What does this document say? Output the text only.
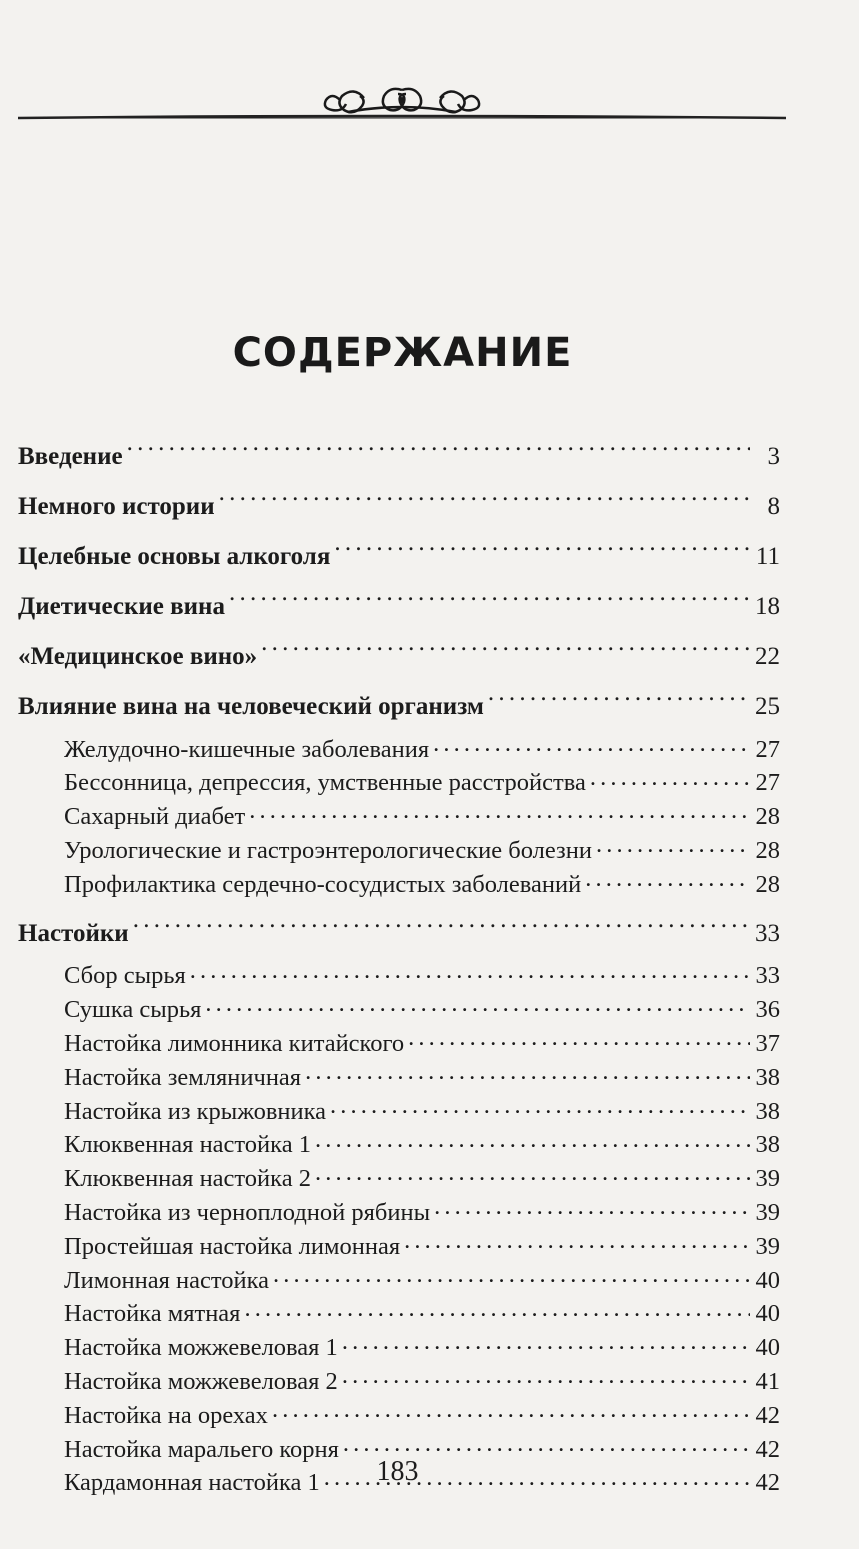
СОДЕРЖАНИЕ
Введение . . .	3
Немного истории . . .	8
Целебные основы алкоголя . . .	11
Диетические вина . . .	18
«Медицинское вино» . . .	22
Влияние вина на человеческий организм . . .	25
Желудочно-кишечные заболевания . . .	27
Бессонница, депрессия, умственные расстройства . . .	27
Сахарный диабет . . .	28
Урологические и гастроэнтерологические болезни . . .	28
Профилактика сердечно-сосудистых заболеваний . . .	28
Настойки . . .	33
Сбор сырья . . .	33
Сушка сырья . . .	36
Настойка лимонника китайского . . .	37
Настойка земляничная . . .	38
Настойка из крыжовника . . .	38
Клюквенная настойка 1 . . .	38
Клюквенная настойка 2 . . .	39
Настойка из черноплодной рябины . . .	39
Простейшая настойка лимонная . . .	39
Лимонная настойка . . .	40
Настойка мятная . . .	40
Настойка можжевеловая 1 . . .	40
Настойка можжевеловая 2 . . .	41
Настойка на орехах . . .	42
Настойка маральего корня . . .	42
Кардамонная настойка 1 . . .	42
183
